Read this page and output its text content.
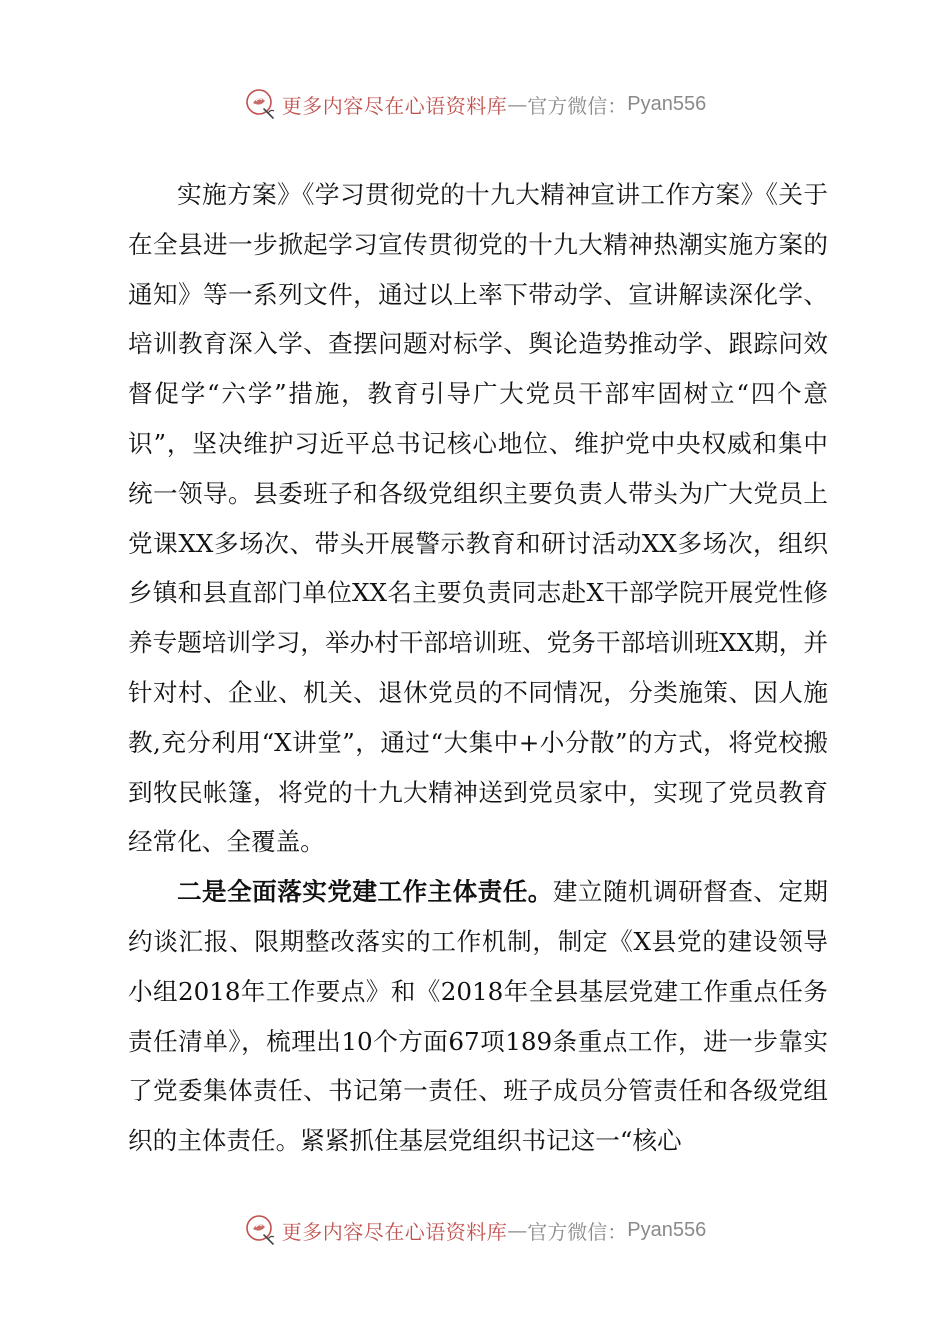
更多内容尽在心语资料库 — 官方微信： Pyan556

实施方案》《学习贯彻党的十九大精神宣讲工作方案》《关于在全县进一步掀起学习宣传贯彻党的十九大精神热潮实施方案的通知》等一系列文件，通过以上率下带动学、宣讲解读深化学、培训教育深入学、查摆问题对标学、舆论造势推动学、跟踪问效督促学“六学”措施，教育引导广大党员干部牢固树立“四个意识”，坚决维护习近平总书记核心地位、维护党中央权威和集中统一领导。县委班子和各级党组织主要负责人带头为广大党员上党课XX多场次、带头开展警示教育和研讨活动XX多场次，组织乡镇和县直部门单位XX名主要负责同志赴X干部学院开展党性修养专题培训学习，举办村干部培训班、党务干部培训班XX期，并针对村、企业、机关、退休党员的不同情况，分类施策、因人施教,充分利用“X讲堂”，通过“大集中+小分散”的方式，将党校搬到牧民帐篷，将党的十九大精神送到党员家中，实现了党员教育经常化、全覆盖。

二是全面落实党建工作主体责任。建立随机调研督查、定期约谈汇报、限期整改落实的工作机制，制定《X县党的建设领导小组2018年工作要点》和《2018年全县基层党建工作重点任务责任清单》，梳理出10个方面67项189条重点工作，进一步靠实了党委集体责任、书记第一责任、班子成员分管责任和各级党组织的主体责任。紧紧抓住基层党组织书记这一“核心

更多内容尽在心语资料库 — 官方微信： Pyan556
